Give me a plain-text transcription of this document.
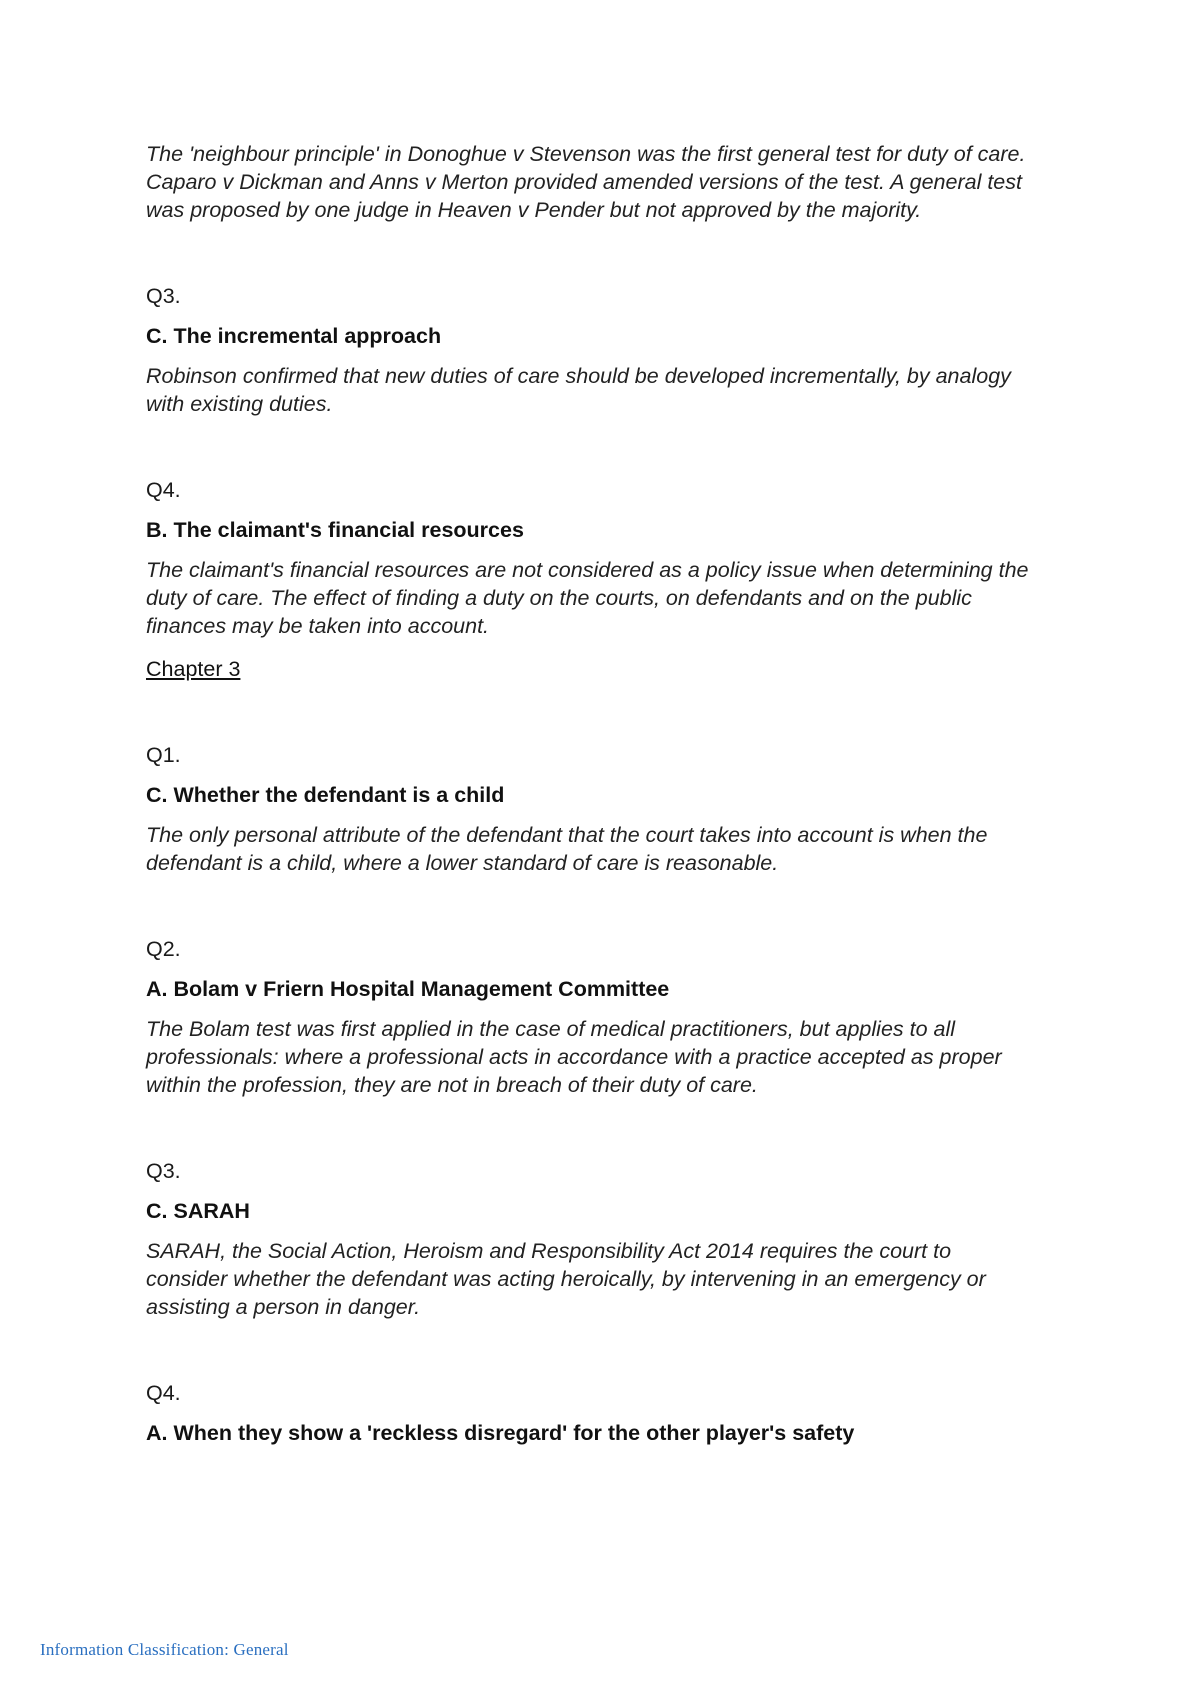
The 'neighbour principle' in Donoghue v Stevenson was the first general test for duty of care. Caparo v Dickman and Anns v Merton provided amended versions of the test. A general test was proposed by one judge in Heaven v Pender but not approved by the majority.

Q3.

C. The incremental approach

Robinson confirmed that new duties of care should be developed incrementally, by analogy with existing duties.

Q4.

B. The claimant's financial resources

The claimant's financial resources are not considered as a policy issue when determining the duty of care. The effect of finding a duty on the courts, on defendants and on the public finances may be taken into account.

Chapter 3

Q1.

C. Whether the defendant is a child

The only personal attribute of the defendant that the court takes into account is when the defendant is a child, where a lower standard of care is reasonable.

Q2.

A. Bolam v Friern Hospital Management Committee

The Bolam test was first applied in the case of medical practitioners, but applies to all professionals: where a professional acts in accordance with a practice accepted as proper within the profession, they are not in breach of their duty of care.

Q3.

C. SARAH

SARAH, the Social Action, Heroism and Responsibility Act 2014 requires the court to consider whether the defendant was acting heroically, by intervening in an emergency or assisting a person in danger.

Q4.

A. When they show a 'reckless disregard' for the other player's safety

Information Classification: General
